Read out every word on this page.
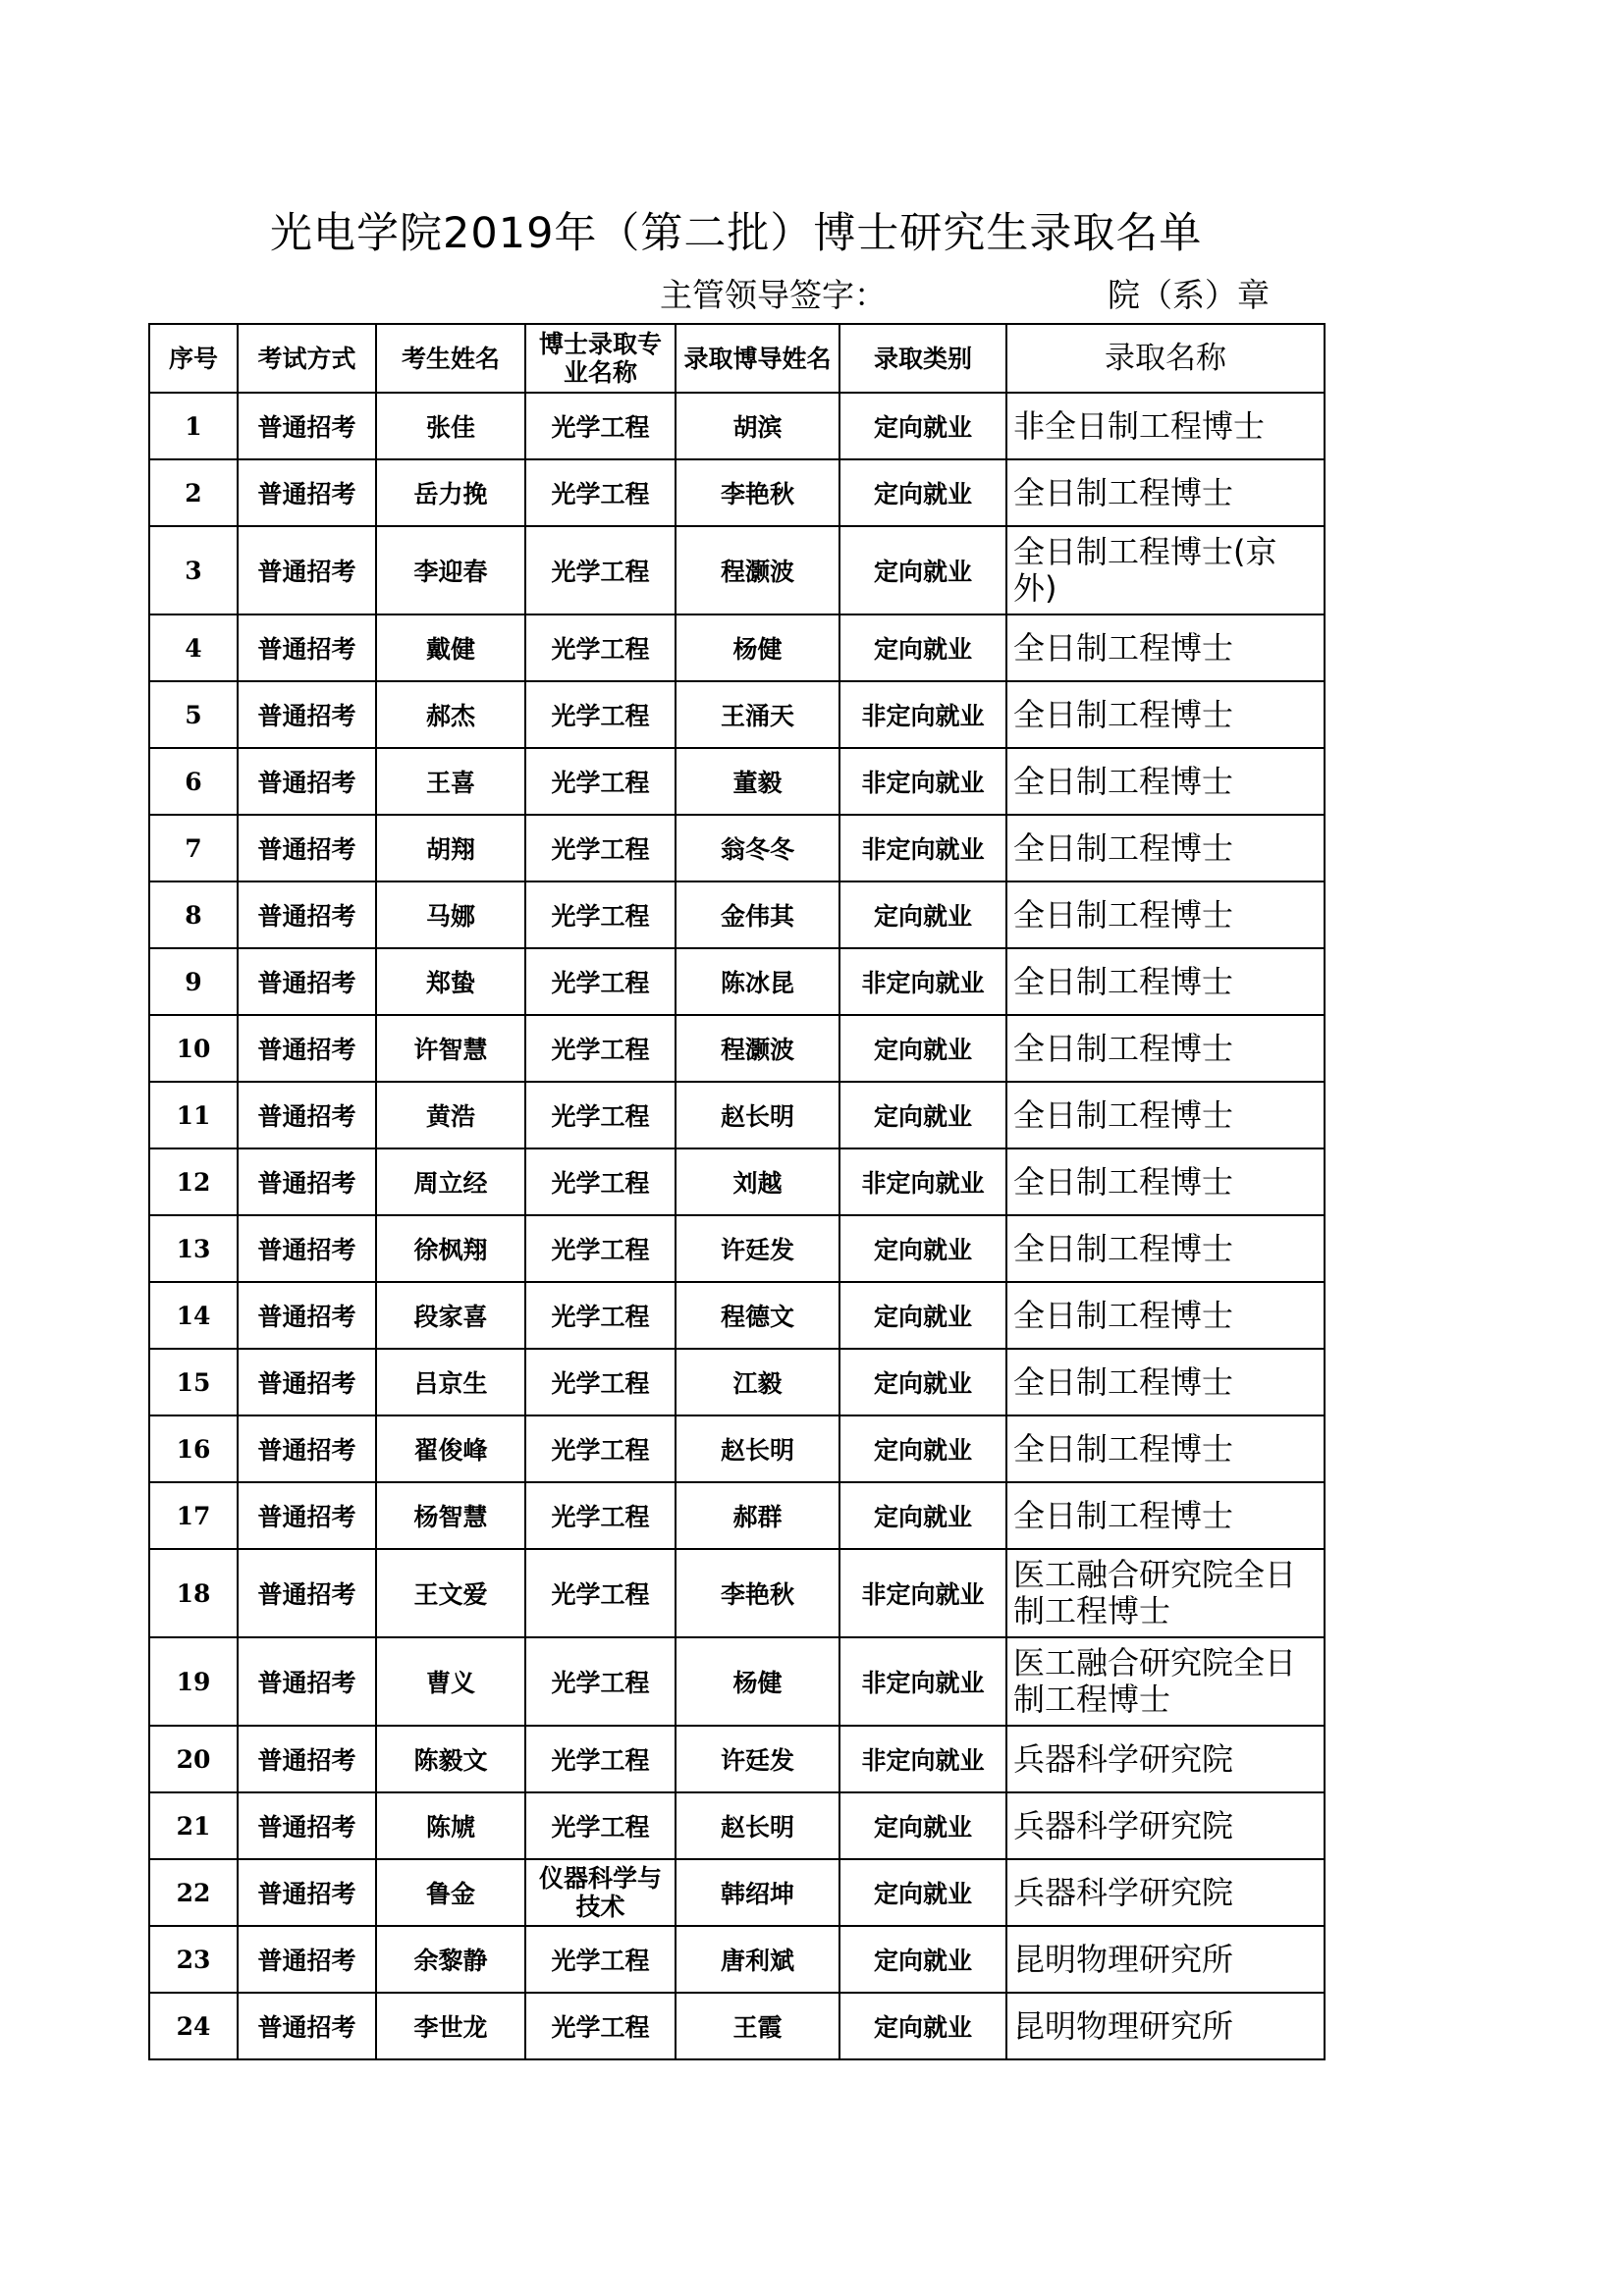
光电学院2019年（第二批）博士研究生录取名单
主管领导签字：	院（系）章
序号	考试方式	考生姓名	博士录取专业名称	录取博导姓名	录取类别	录取名称
1	普通招考	张佳	光学工程	胡滨	定向就业	非全日制工程博士
2	普通招考	岳力挽	光学工程	李艳秋	定向就业	全日制工程博士
3	普通招考	李迎春	光学工程	程灏波	定向就业	全日制工程博士(京外)
4	普通招考	戴健	光学工程	杨健	定向就业	全日制工程博士
5	普通招考	郝杰	光学工程	王涌天	非定向就业	全日制工程博士
6	普通招考	王喜	光学工程	董毅	非定向就业	全日制工程博士
7	普通招考	胡翔	光学工程	翁冬冬	非定向就业	全日制工程博士
8	普通招考	马娜	光学工程	金伟其	定向就业	全日制工程博士
9	普通招考	郑蛰	光学工程	陈冰昆	非定向就业	全日制工程博士
10	普通招考	许智慧	光学工程	程灏波	定向就业	全日制工程博士
11	普通招考	黄浩	光学工程	赵长明	定向就业	全日制工程博士
12	普通招考	周立经	光学工程	刘越	非定向就业	全日制工程博士
13	普通招考	徐枫翔	光学工程	许廷发	定向就业	全日制工程博士
14	普通招考	段家喜	光学工程	程德文	定向就业	全日制工程博士
15	普通招考	吕京生	光学工程	江毅	定向就业	全日制工程博士
16	普通招考	翟俊峰	光学工程	赵长明	定向就业	全日制工程博士
17	普通招考	杨智慧	光学工程	郝群	定向就业	全日制工程博士
18	普通招考	王文爱	光学工程	李艳秋	非定向就业	医工融合研究院全日制工程博士
19	普通招考	曹义	光学工程	杨健	非定向就业	医工融合研究院全日制工程博士
20	普通招考	陈毅文	光学工程	许廷发	非定向就业	兵器科学研究院
21	普通招考	陈虓	光学工程	赵长明	定向就业	兵器科学研究院
22	普通招考	鲁金	仪器科学与技术	韩绍坤	定向就业	兵器科学研究院
23	普通招考	余黎静	光学工程	唐利斌	定向就业	昆明物理研究所
24	普通招考	李世龙	光学工程	王霞	定向就业	昆明物理研究所
